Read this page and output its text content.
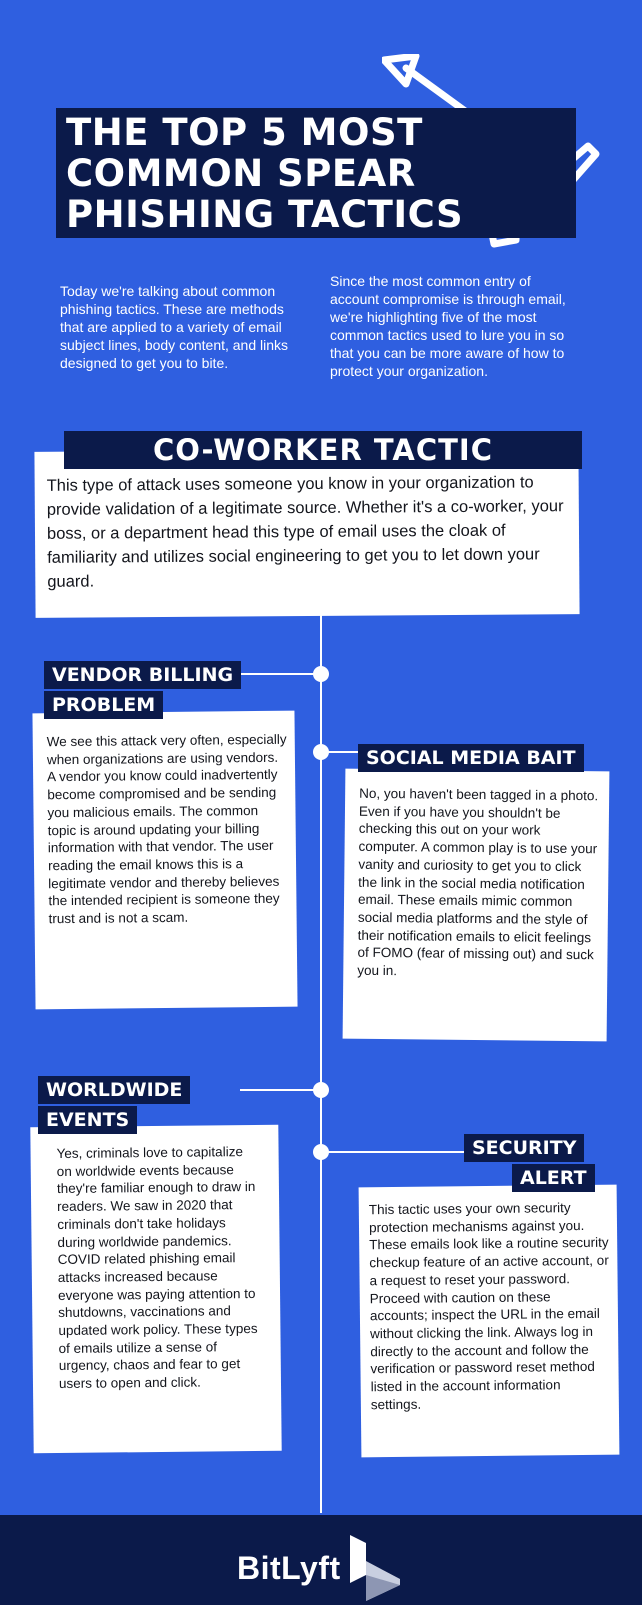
THE TOP 5 MOST
COMMON SPEAR
PHISHING TACTICS
Today we're talking about common phishing tactics. These are methods that are applied to a variety of email subject lines, body content, and links designed to get you to bite.
Since the most common entry of account compromise is through email, we're highlighting five of the most common tactics used to lure you in so that you can be more aware of how to protect your organization.
This type of attack uses someone you know in your organization to provide validation of a legitimate source. Whether it's a co-worker, your boss, or a department head this type of email uses the cloak of familiarity and utilizes social engineering to get you to let down your guard.
CO-WORKER TACTIC
We see this attack very often, especially when organizations are using vendors. A vendor you know could inadvertently become compromised and be sending you malicious emails. The common topic is around updating your billing information with that vendor. The user reading the email knows this is a legitimate vendor and thereby believes the intended recipient is someone they trust and is not a scam.
VENDOR BILLING
PROBLEM
No, you haven't been tagged in a photo. Even if you have you shouldn't be checking this out on your work computer. A common play is to use your vanity and curiosity to get you to click the link in the social media notification email. These emails mimic common social media platforms and the style of their notification emails to elicit feelings of FOMO (fear of missing out) and suck you in.
SOCIAL MEDIA BAIT
Yes, criminals love to capitalize on worldwide events because they're familiar enough to draw in readers. We saw in 2020 that criminals don't take holidays during worldwide pandemics. COVID related phishing email attacks increased because everyone was paying attention to shutdowns, vaccinations and updated work policy. These types of emails utilize a sense of urgency, chaos and fear to get users to open and click.
WORLDWIDE
EVENTS
This tactic uses your own security protection mechanisms against you. These emails look like a routine security checkup feature of an active account, or a request to reset your password. Proceed with caution on these accounts; inspect the URL in the email without clicking the link. Always log in directly to the account and follow the verification or password reset method listed in the account information settings.
SECURITY
ALERT
BitLyft
